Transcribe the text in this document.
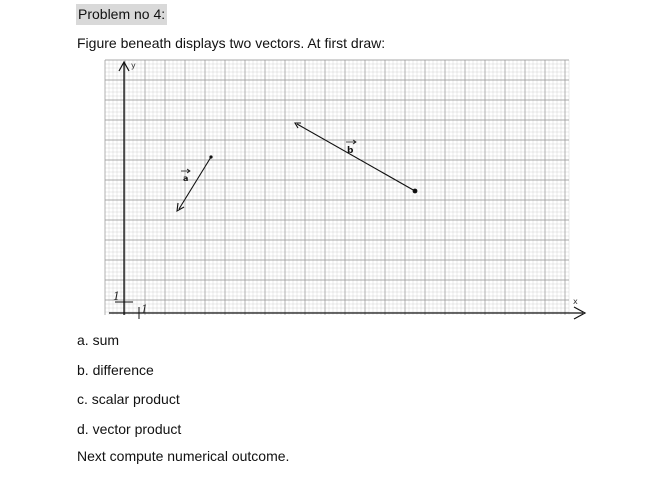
Problem no 4:
Figure beneath displays two vectors. At first draw:
y
x
1
1
a
b
a. sum
b. difference
c. scalar product
d. vector product
Next compute numerical outcome.
